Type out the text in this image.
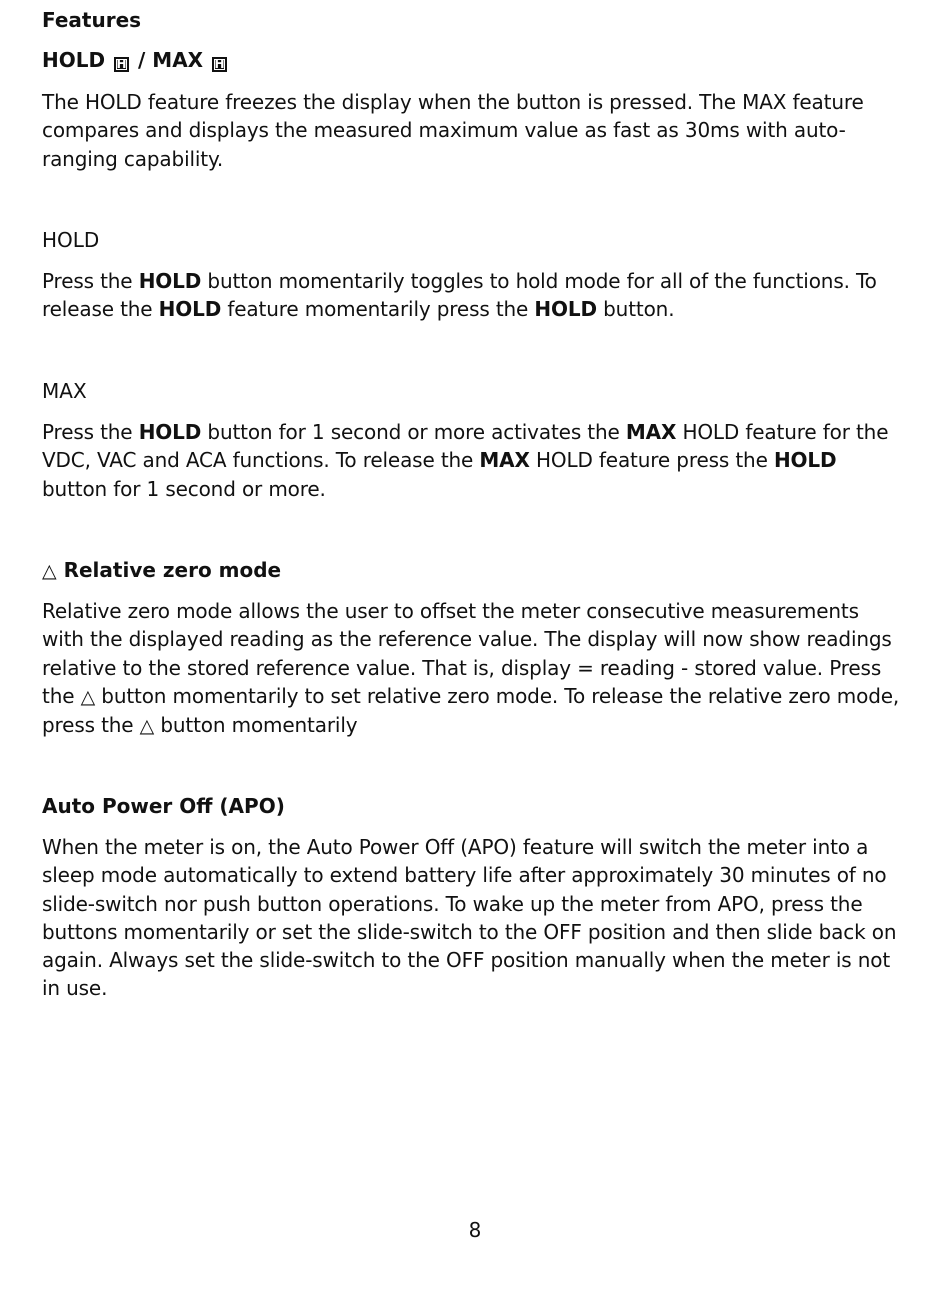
Features
HOLD H / MAX H
The HOLD feature freezes the display when the button is pressed. The MAX feature compares and displays the measured maximum value as fast as 30ms with auto-ranging capability.
HOLD
Press the HOLD button momentarily toggles to hold mode for all of the functions. To release the HOLD feature momentarily press the HOLD button.
MAX
Press the HOLD button for 1 second or more activates the MAX HOLD feature for the VDC, VAC and ACA functions. To release the MAX HOLD feature press the HOLD button for 1 second or more.
△ Relative zero mode
Relative zero mode allows the user to offset the meter consecutive measurements with the displayed reading as the reference value. The display will now show readings relative to the stored reference value. That is, display = reading - stored value. Press the △ button momentarily to set relative zero mode. To release the relative zero mode, press the △ button momentarily
Auto Power Off (APO)
When the meter is on, the Auto Power Off (APO) feature will switch the meter into a sleep mode automatically to extend battery life after approximately 30 minutes of no slide-switch nor push button operations. To wake up the meter from APO, press the buttons momentarily or set the slide-switch to the OFF position and then slide back on again. Always set the slide-switch to the OFF position manually when the meter is not in use.
8
